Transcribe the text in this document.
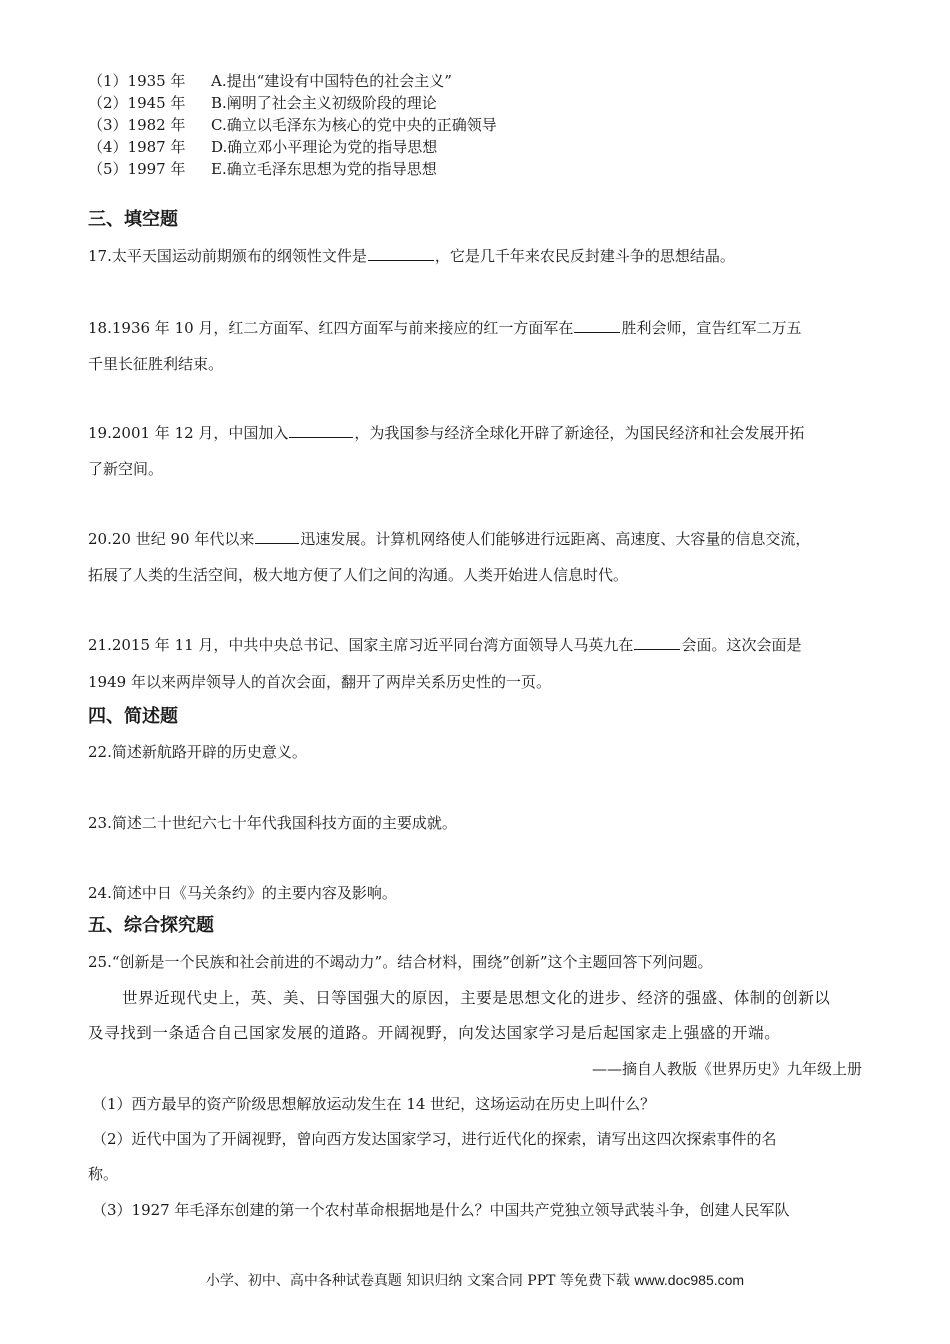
（1）1935 年 A.提出“建设有中国特色的社会主义”
（2）1945 年 B.阐明了社会主义初级阶段的理论
（3）1982 年 C.确立以毛泽东为核心的党中央的正确领导
（4）1987 年 D.确立邓小平理论为党的指导思想
（5）1997 年 E.确立毛泽东思想为党的指导思想
三、填空题
17.太平天国运动前期颁布的纲领性文件是	，它是几千年来农民反封建斗争的思想结晶。
18.1936 年 10 月，红二方面军、红四方面军与前来接应的红一方面军在	胜利会师，宣告红军二万五
千里长征胜利结束。
19.2001 年 12 月，中国加入	，为我国参与经济全球化开辟了新途径，为国民经济和社会发展开拓
了新空间。
20.20 世纪 90 年代以来	迅速发展。计算机网络使人们能够进行远距离、高速度、大容量的信息交流，
拓展了人类的生活空间，极大地方便了人们之间的沟通。人类开始进人信息时代。
21.2015 年 11 月，中共中央总书记、国家主席习近平同台湾方面领导人马英九在	会面。这次会面是
1949 年以来两岸领导人的首次会面，翻开了两岸关系历史性的一页。
四、简述题
22.简述新航路开辟的历史意义。
23.简述二十世纪六七十年代我国科技方面的主要成就。
24.简述中日《马关条约》的主要内容及影响。
五、综合探究题
25.“创新是一个民族和社会前进的不竭动力”。结合材料，围绕”创新”这个主题回答下列问题。
世界近现代史上，英、美、日等国强大的原因，主要是思想文化的进步、经济的强盛、体制的创新以
及寻找到一条适合自己国家发展的道路。开阔视野，向发达国家学习是后起国家走上强盛的开端。
——摘自人教版《世界历史》九年级上册
（1）西方最早的资产阶级思想解放运动发生在 14 世纪，这场运动在历史上叫什么？
（2）近代中国为了开阔视野，曾向西方发达国家学习，进行近代化的探索，请写出这四次探索事件的名
称。
（3）1927 年毛泽东创建的第一个农村革命根据地是什么？中国共产党独立领导武装斗争，创建人民军队
小学、初中、高中各种试卷真题 知识归纳 文案合同 PPT 等免费下载 www.doc985.com
